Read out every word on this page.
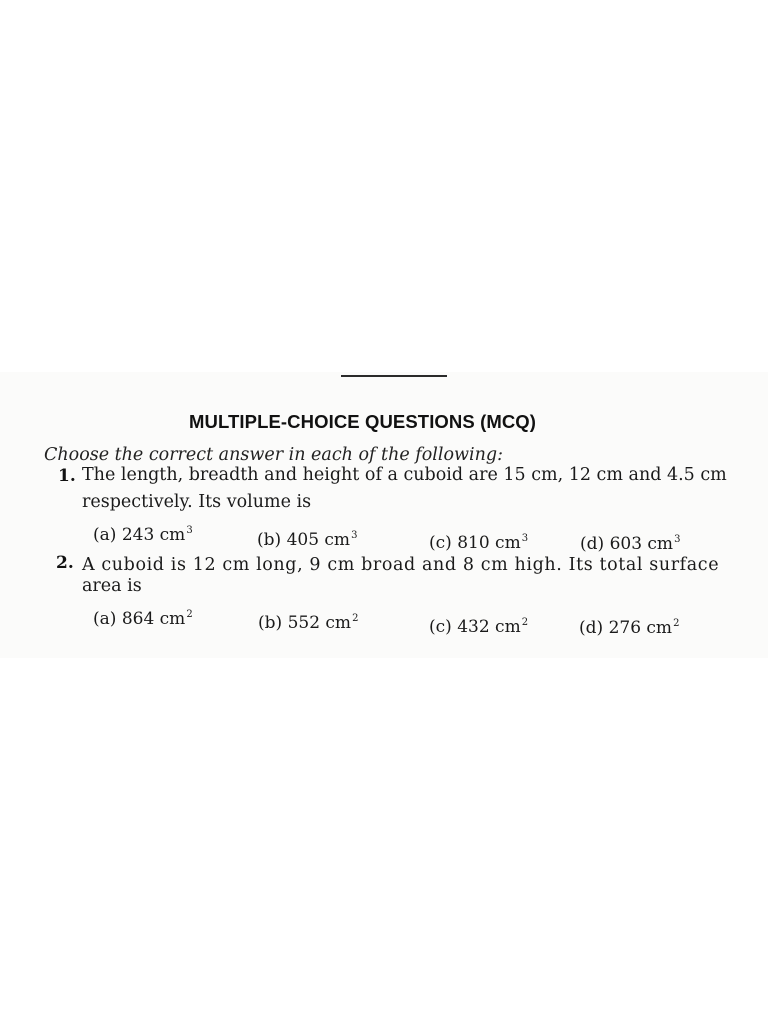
MULTIPLE-CHOICE QUESTIONS (MCQ)
Choose the correct answer in each of the following:
1. The length, breadth and height of a cuboid are 15 cm, 12 cm and 4.5 cm
respectively. Its volume is
(a) 243 $cm^3$	(b) 405 $cm^3$	(c) 810 $cm^3$	(d) 603 $cm^3$
2. A cuboid is 12 cm long, 9 cm broad and 8 cm high. Its total surface
area is
(a) 864 $cm^2$	(b) 552 $cm^2$	(c) 432 $cm^2$	(d) 276 $cm^2$
